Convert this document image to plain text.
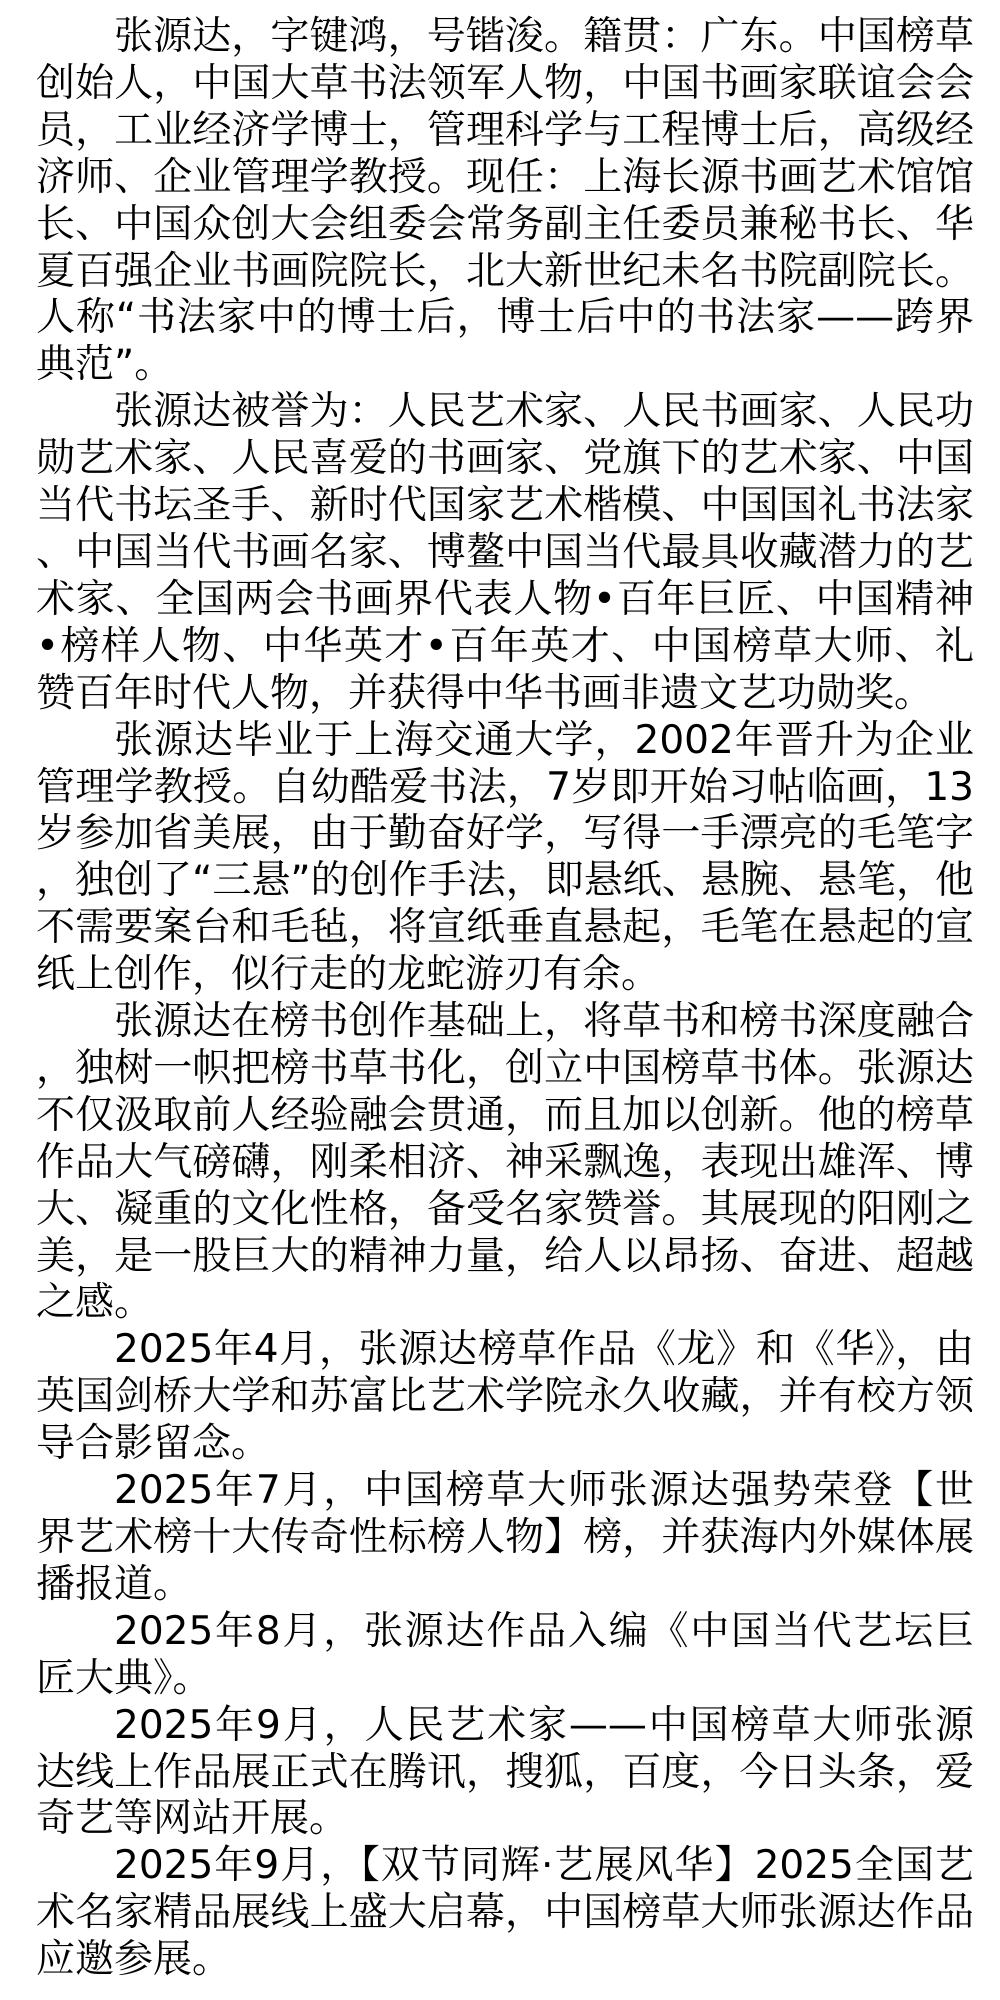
张源达，字键鸿，号锴浚。籍贯：广东。中国榜草创始人，中国大草书法领军人物，中国书画家联谊会会员，工业经济学博士，管理科学与工程博士后，高级经济师、企业管理学教授。现任：上海长源书画艺术馆馆长、中国众创大会组委会常务副主任委员兼秘书长、华夏百强企业书画院院长，北大新世纪未名书院副院长。人称“书法家中的博士后，博士后中的书法家——跨界典范”。

张源达被誉为：人民艺术家、人民书画家、人民功勋艺术家、人民喜爱的书画家、党旗下的艺术家、中国当代书坛圣手、新时代国家艺术楷模、中国国礼书法家、中国当代书画名家、博鳌中国当代最具收藏潜力的艺术家、全国两会书画界代表人物•百年巨匠、中国精神•榜样人物、中华英才•百年英才、中国榜草大师、礼赞百年时代人物，并获得中华书画非遗文艺功勋奖。

张源达毕业于上海交通大学，2002年晋升为企业管理学教授。自幼酷爱书法，7岁即开始习帖临画，13岁参加省美展，由于勤奋好学，写得一手漂亮的毛笔字，独创了“三悬”的创作手法，即悬纸、悬腕、悬笔，他不需要案台和毛毡，将宣纸垂直悬起，毛笔在悬起的宣纸上创作，似行走的龙蛇游刃有余。

张源达在榜书创作基础上，将草书和榜书深度融合，独树一帜把榜书草书化，创立中国榜草书体。张源达不仅汲取前人经验融会贯通，而且加以创新。他的榜草作品大气磅礴，刚柔相济、神采飘逸，表现出雄浑、博大、凝重的文化性格，备受名家赞誉。其展现的阳刚之美，是一股巨大的精神力量，给人以昂扬、奋进、超越之感。

2025年4月，张源达榜草作品《龙》和《华》，由英国剑桥大学和苏富比艺术学院永久收藏，并有校方领导合影留念。

2025年7月，中国榜草大师张源达强势荣登【世界艺术榜十大传奇性标榜人物】榜，并获海内外媒体展播报道。

2025年8月，张源达作品入编《中国当代艺坛巨匠大典》。

2025年9月，人民艺术家——中国榜草大师张源达线上作品展正式在腾讯，搜狐，百度，今日头条，爱奇艺等网站开展。

2025年9月，【双节同辉·艺展风华】2025全国艺术名家精品展线上盛大启幕，中国榜草大师张源达作品应邀参展。
